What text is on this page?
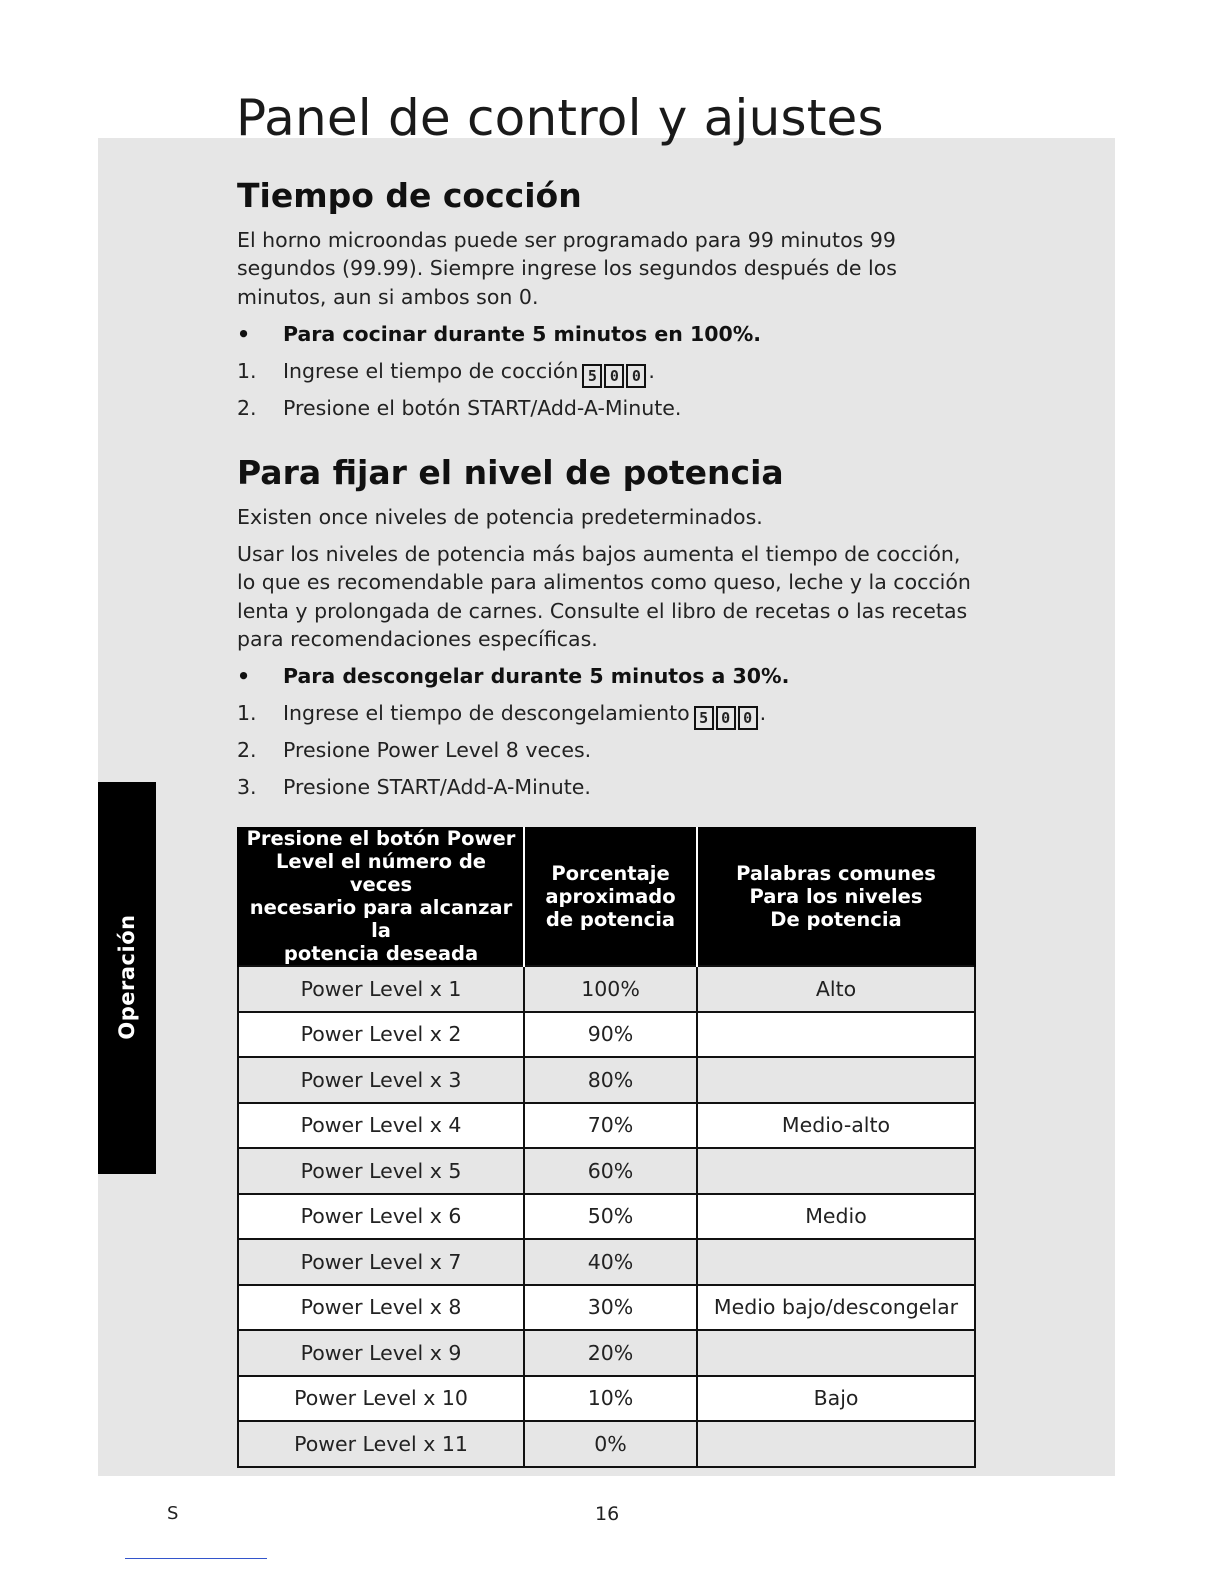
Operación
Panel de control y ajustes
Tiempo de cocción

El horno microondas puede ser programado para 99 minutos 99
segundos (99.99). Siempre ingrese los segundos después de los
minutos, aun si ambos son 0.

• Para cocinar durante 5 minutos en 100%.
1. Ingrese el tiempo de cocción 5 0 0 .
2. Presione el botón START/Add-A-Minute.
Para fijar el nivel de potencia

Existen once niveles de potencia predeterminados.

Usar los niveles de potencia más bajos aumenta el tiempo de cocción,
lo que es recomendable para alimentos como queso, leche y la cocción
lenta y prolongada de carnes. Consulte el libro de recetas o las recetas
para recomendaciones específicas.

• Para descongelar durante 5 minutos a 30%.
1. Ingrese el tiempo de descongelamiento 5 0 0 .
2. Presione Power Level 8 veces.
3. Presione START/Add-A-Minute.
Presione el botón Power
Level el número de veces
necesario para alcanzar la
potencia deseada	Porcentaje
aproximado
de potencia	Palabras comunes
Para los niveles
De potencia
Power Level x 1	100%	Alto
Power Level x 2	90%	
Power Level x 3	80%	
Power Level x 4	70%	Medio-alto
Power Level x 5	60%	
Power Level x 6	50%	Medio
Power Level x 7	40%	
Power Level x 8	30%	Medio bajo/descongelar
Power Level x 9	20%	
Power Level x 10	10%	Bajo
Power Level x 11	0%	
S	16
